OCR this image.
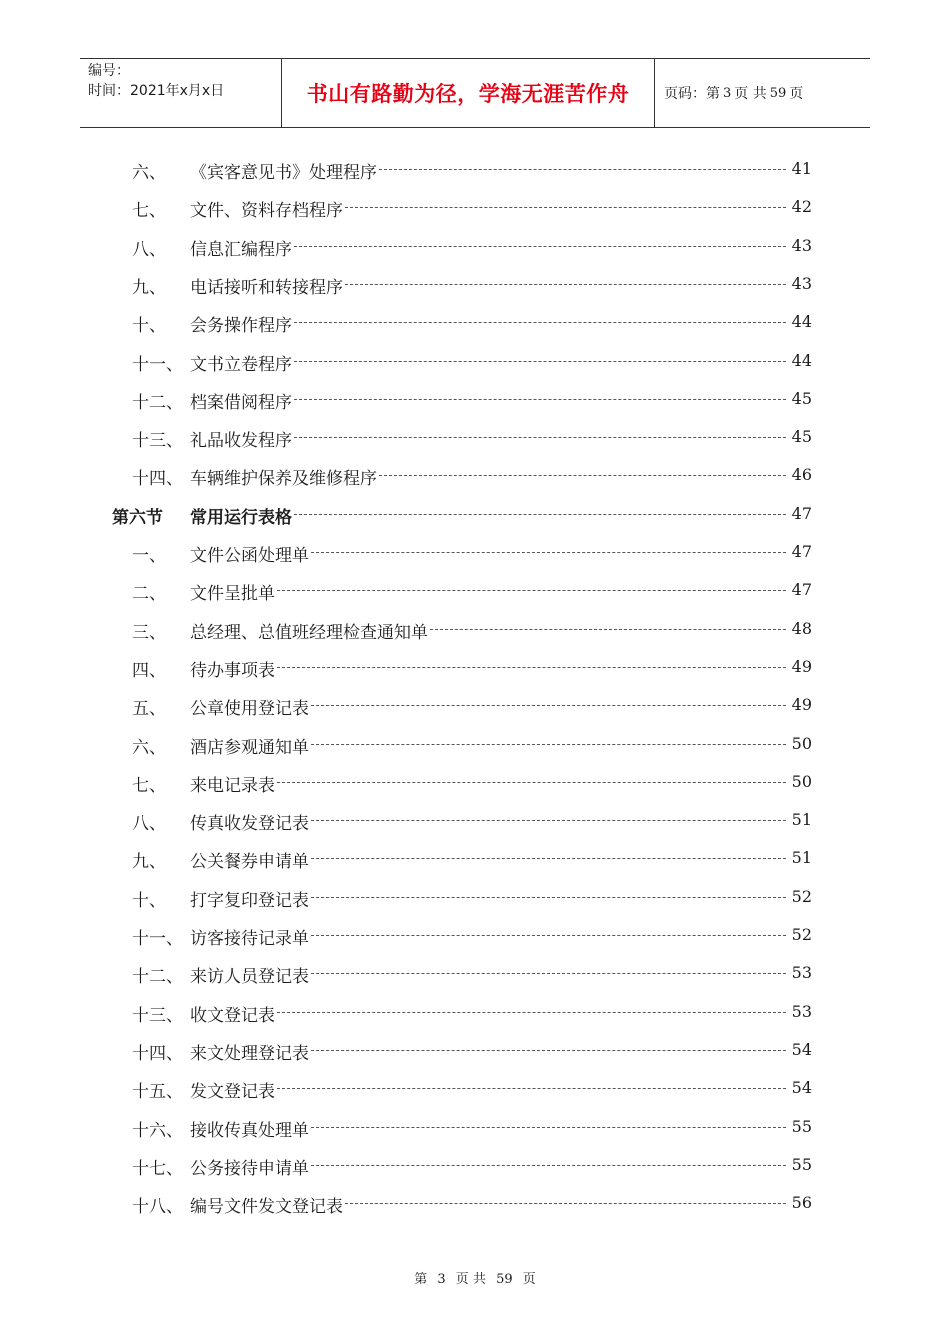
编号：
时间：2021年x月x日	书山有路勤为径，学海无涯苦作舟	页码：第 3 页 共 59 页
六、 《宾客意见书》处理程序	41
七、 文件、资料存档程序	42
八、 信息汇编程序	43
九、 电话接听和转接程序	43
十、 会务操作程序	44
十一、 文书立卷程序	44
十二、 档案借阅程序	45
十三、 礼品收发程序	45
十四、 车辆维护保养及维修程序	46
第六节 常用运行表格	47
一、 文件公函处理单	47
二、 文件呈批单	47
三、 总经理、总值班经理检查通知单	48
四、 待办事项表	49
五、 公章使用登记表	49
六、 酒店参观通知单	50
七、 来电记录表	50
八、 传真收发登记表	51
九、 公关餐券申请单	51
十、 打字复印登记表	52
十一、 访客接待记录单	52
十二、 来访人员登记表	53
十三、 收文登记表	53
十四、 来文处理登记表	54
十五、 发文登记表	54
十六、 接收传真处理单	55
十七、 公务接待申请单	55
十八、 编号文件发文登记表	56
第 3 页 共 59 页
